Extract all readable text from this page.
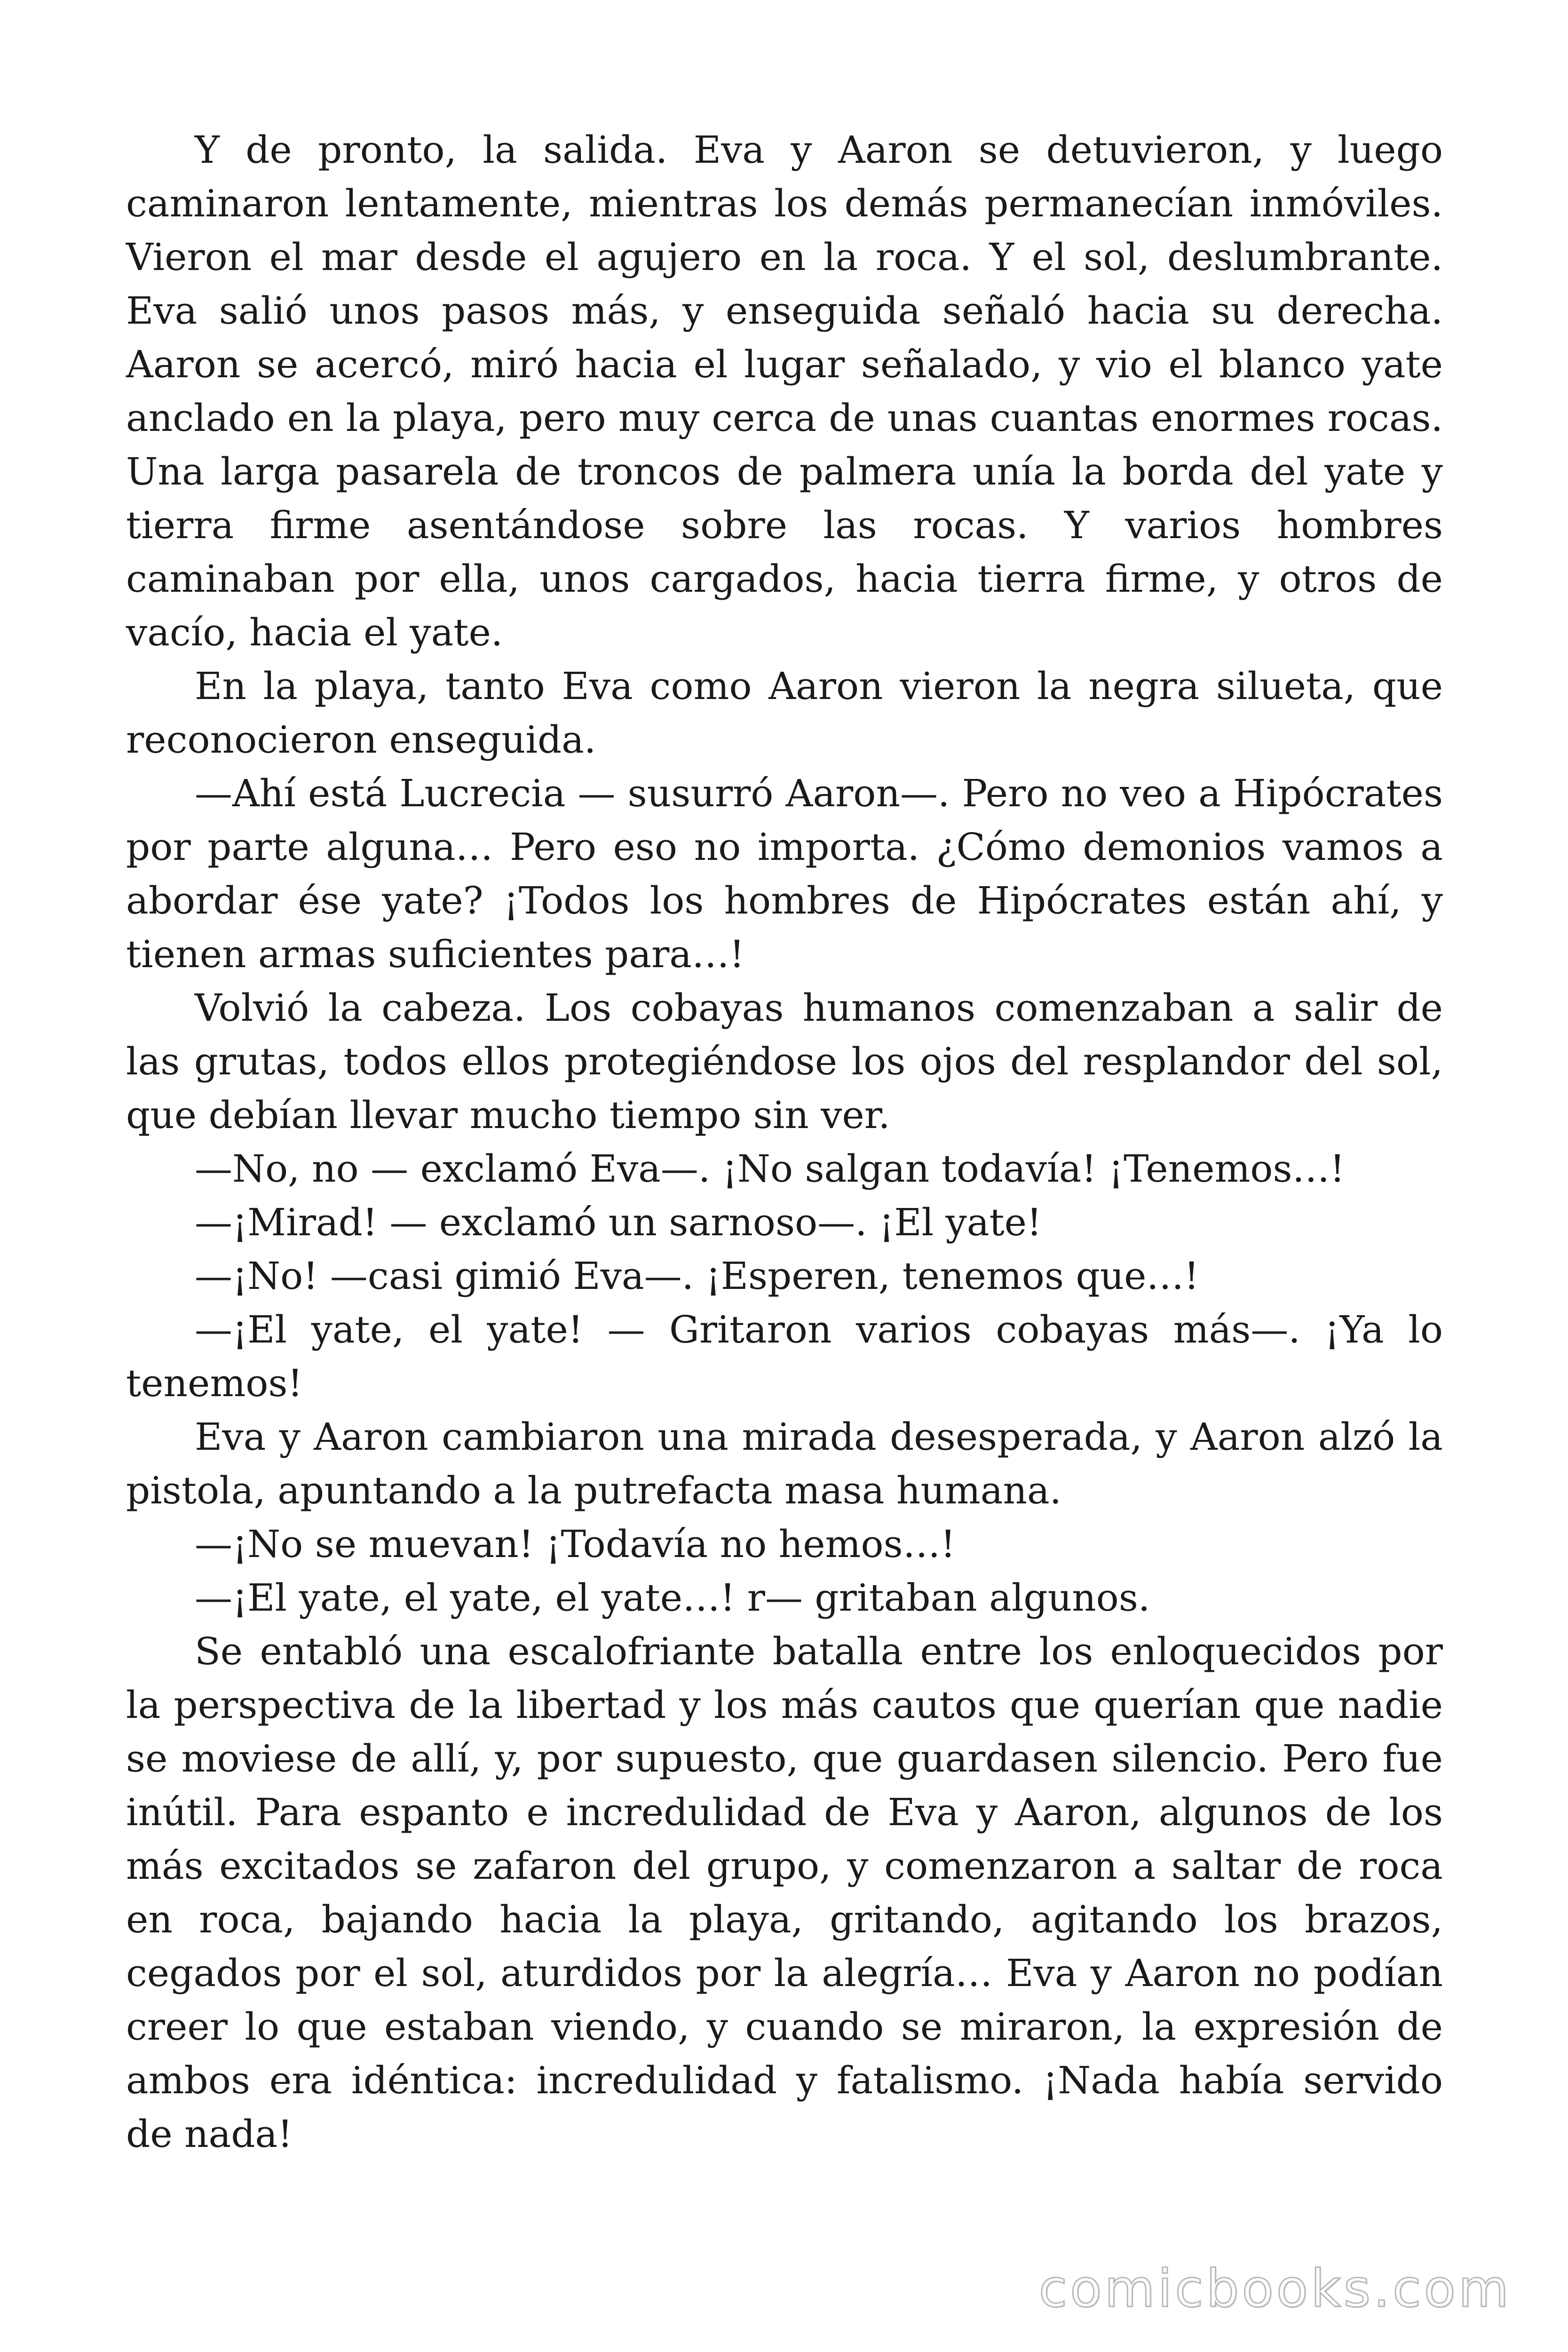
Y de pronto, la salida. Eva y Aaron se detuvieron, y luego caminaron lentamente, mientras los demás permanecían inmóviles. Vieron el mar desde el agujero en la roca. Y el sol, deslumbrante. Eva salió unos pasos más, y enseguida señaló hacia su derecha. Aaron se acercó, miró hacia el lugar señalado, y vio el blanco yate anclado en la playa, pero muy cerca de unas cuantas enormes rocas. Una larga pasarela de troncos de palmera unía la borda del yate y tierra firme asentándose sobre las rocas. Y varios hombres caminaban por ella, unos cargados, hacia tierra firme, y otros de vacío, hacia el yate.

En la playa, tanto Eva como Aaron vieron la negra silueta, que reconocieron enseguida.

—Ahí está Lucrecia — susurró Aaron—. Pero no veo a Hipócrates por parte alguna… Pero eso no importa. ¿Cómo demonios vamos a abordar ése yate? ¡Todos los hombres de Hipócrates están ahí, y tienen armas suficientes para…!

Volvió la cabeza. Los cobayas humanos comenzaban a salir de las grutas, todos ellos protegiéndose los ojos del resplandor del sol, que debían llevar mucho tiempo sin ver.

—No, no — exclamó Eva—. ¡No salgan todavía! ¡Tenemos…!

—¡Mirad! — exclamó un sarnoso—. ¡El yate!

—¡No! —casi gimió Eva—. ¡Esperen, tenemos que…!

—¡El yate, el yate! — Gritaron varios cobayas más—. ¡Ya lo tenemos!

Eva y Aaron cambiaron una mirada desesperada, y Aaron alzó la pistola, apuntando a la putrefacta masa humana.

—¡No se muevan! ¡Todavía no hemos…!

—¡El yate, el yate, el yate…! r— gritaban algunos.

Se entabló una escalofriante batalla entre los enloquecidos por la perspectiva de la libertad y los más cautos que querían que nadie se moviese de allí, y, por supuesto, que guardasen silencio. Pero fue inútil. Para espanto e incredulidad de Eva y Aaron, algunos de los más excitados se zafaron del grupo, y comenzaron a saltar de roca en roca, bajando hacia la playa, gritando, agitando los brazos, cegados por el sol, aturdidos por la alegría… Eva y Aaron no podían creer lo que estaban viendo, y cuando se miraron, la expresión de ambos era idéntica: incredulidad y fatalismo. ¡Nada había servido de nada!

comicbooks.com
